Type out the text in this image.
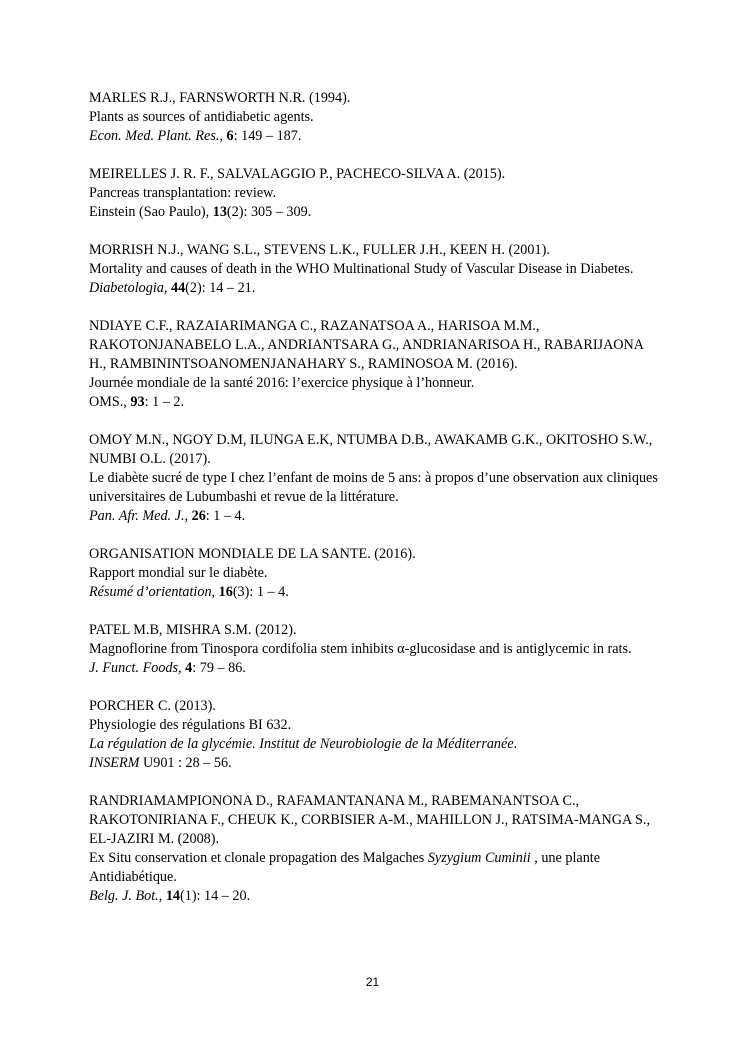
MARLES R.J., FARNSWORTH N.R. (1994).
Plants as sources of antidiabetic agents.
Econ. Med. Plant. Res., 6: 149 – 187.
MEIRELLES J. R. F., SALVALAGGIO P., PACHECO-SILVA A. (2015).
Pancreas transplantation: review.
Einstein (Sao Paulo), 13(2): 305 – 309.
MORRISH N.J., WANG S.L., STEVENS L.K., FULLER J.H., KEEN H. (2001).
Mortality and causes of death in the WHO Multinational Study of Vascular Disease in Diabetes.
Diabetologia, 44(2): 14 – 21.
NDIAYE C.F., RAZAIARIMANGA C., RAZANATSOA A., HARISOA M.M., RAKOTONJANABELO L.A., ANDRIANTSARA G., ANDRIANARISOA H., RABARIJAONA H., RAMBININTSOANOMENJANAHARY S., RAMINOSOA M. (2016).
Journée mondiale de la santé 2016: l’exercice physique à l’honneur.
OMS., 93: 1 – 2.
OMOY M.N., NGOY D.M, ILUNGA E.K, NTUMBA D.B., AWAKAMB G.K., OKITOSHO S.W., NUMBI O.L. (2017).
Le diabète sucré de type I chez l’enfant de moins de 5 ans: à propos d’une observation aux cliniques universitaires de Lubumbashi et revue de la littérature.
Pan. Afr. Med. J., 26: 1 – 4.
ORGANISATION MONDIALE DE LA SANTE. (2016).
Rapport mondial sur le diabète.
Résumé d’orientation, 16(3): 1 – 4.
PATEL M.B, MISHRA S.M. (2012).
Magnoflorine from Tinospora cordifolia stem inhibits α-glucosidase and is antiglycemic in rats.
J. Funct. Foods, 4: 79 – 86.
PORCHER C. (2013).
Physiologie des régulations BI 632.
La régulation de la glycémie. Institut de Neurobiologie de la Méditerranée.
INSERM U901 : 28 – 56.
RANDRIAMAMPIONONA D., RAFAMANTANANA M., RABEMANANTSOA C., RAKOTONIRIANA F., CHEUK K., CORBISIER A-M., MAHILLON J., RATSIMA-MANGA S., EL-JAZIRI M. (2008).
Ex Situ conservation et clonale propagation des Malgaches Syzygium Cuminii , une plante Antidiabétique.
Belg. J. Bot., 14(1): 14 – 20.
21
